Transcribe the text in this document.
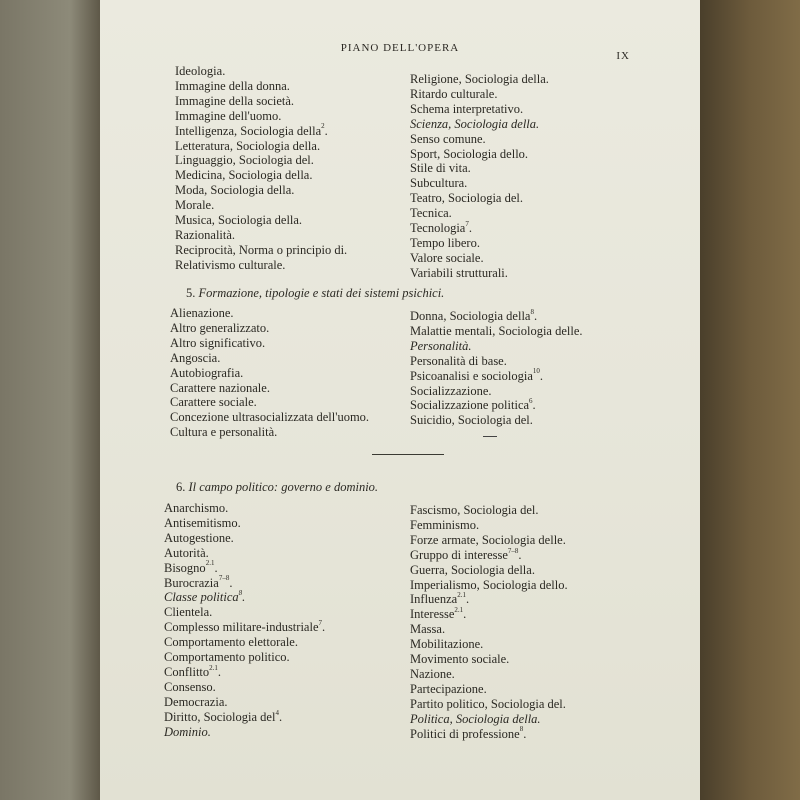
PIANO DELL'OPERA
IX
Ideologia.
Immagine della donna.
Immagine della società.
Immagine dell'uomo.
Intelligenza, Sociologia della$^2$.
Letteratura, Sociologia della.
Linguaggio, Sociologia del.
Medicina, Sociologia della.
Moda, Sociologia della.
Morale.
Musica, Sociologia della.
Razionalità.
Reciprocità, Norma o principio di.
Relativismo culturale.
Religione, Sociologia della.
Ritardo culturale.
Schema interpretativo.
Scienza, Sociologia della.
Senso comune.
Sport, Sociologia dello.
Stile di vita.
Subcultura.
Teatro, Sociologia del.
Tecnica.
Tecnologia$^7$.
Tempo libero.
Valore sociale.
Variabili strutturali.
5. Formazione, tipologie e stati dei sistemi psichici.
Alienazione.
Altro generalizzato.
Altro significativo.
Angoscia.
Autobiografia.
Carattere nazionale.
Carattere sociale.
Concezione ultrasocializzata dell'uomo.
Cultura e personalità.
Donna, Sociologia della$^8$.
Malattie mentali, Sociologia delle.
Personalità.
Personalità di base.
Psicoanalisi e sociologia$^{10}$.
Socializzazione.
Socializzazione politica$^6$.
Suicidio, Sociologia del.
6. Il campo politico: governo e dominio.
Anarchismo.
Antisemitismo.
Autogestione.
Autorità.
Bisogno$^{2.1}$.
Burocrazia$^{7-8}$.
Classe politica$^8$.
Clientela.
Complesso militare-industriale$^7$.
Comportamento elettorale.
Comportamento politico.
Conflitto$^{2.1}$.
Consenso.
Democrazia.
Diritto, Sociologia del$^4$.
Dominio.
Fascismo, Sociologia del.
Femminismo.
Forze armate, Sociologia delle.
Gruppo di interesse$^{7-8}$.
Guerra, Sociologia della.
Imperialismo, Sociologia dello.
Influenza$^{2.1}$.
Interesse$^{2.1}$.
Massa.
Mobilitazione.
Movimento sociale.
Nazione.
Partecipazione.
Partito politico, Sociologia del.
Politica, Sociologia della.
Politici di professione$^8$.
